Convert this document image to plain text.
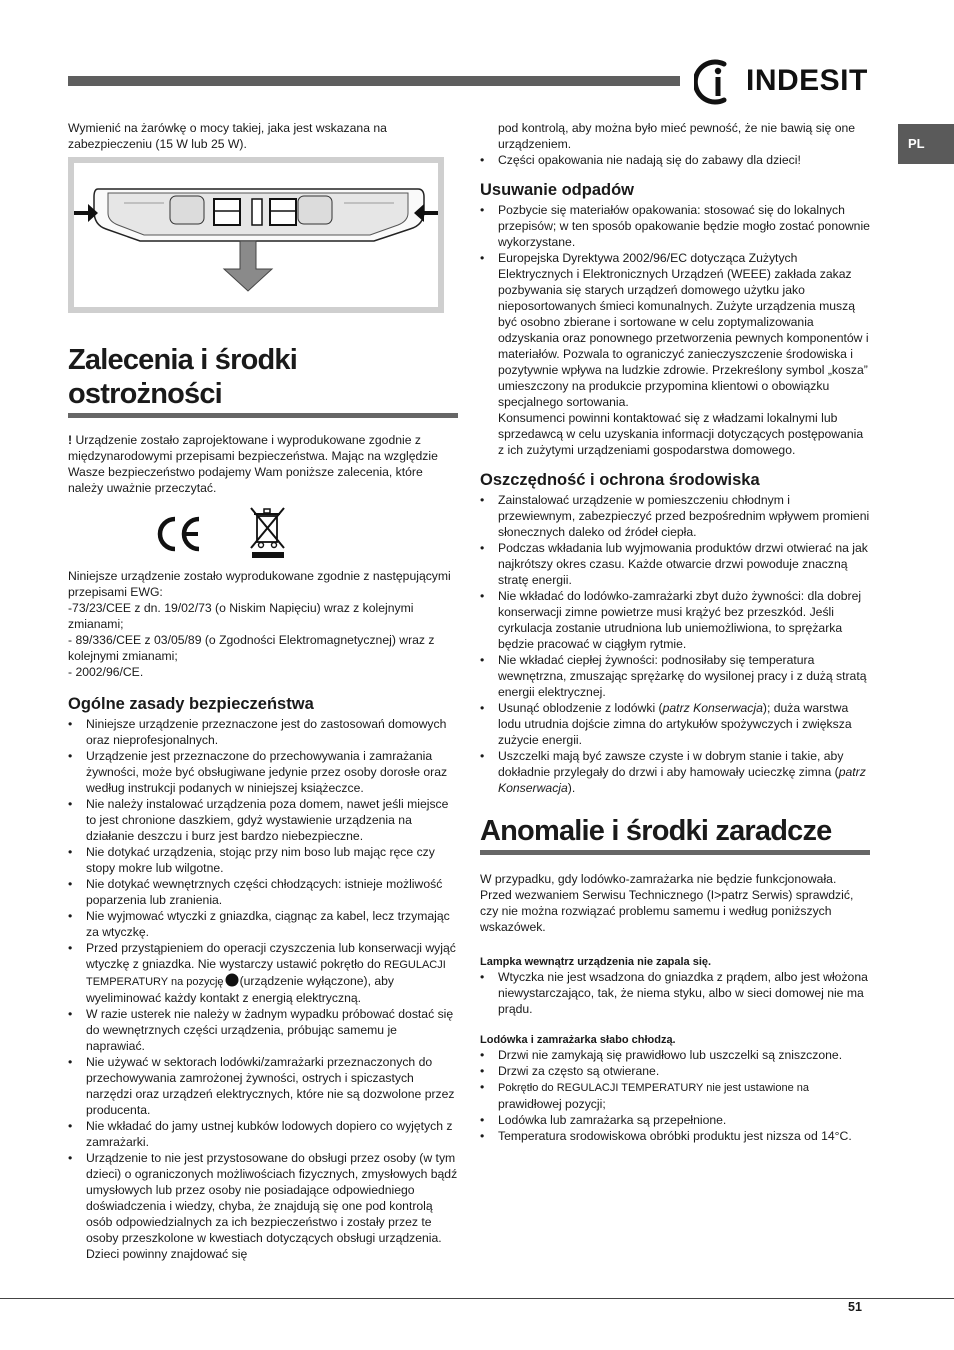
INDESIT
PL

Wymienić na żarówkę o mocy takiej, jaka jest wskazana na zabezpieczeniu (15 W lub 25 W).

Zalecenia i środki ostrożności

! Urządzenie zostało zaprojektowane i wyprodukowane zgodnie z międzynarodowymi przepisami bezpieczeństwa. Mając na względzie Wasze bezpieczeństwo podajemy Wam poniższe zalecenia, które należy uważnie przeczytać.

Niniejsze urządzenie zostało wyprodukowane zgodnie z następującymi przepisami EWG:

-73/23/CEE z dn. 19/02/73 (o Niskim Napięciu) wraz z kolejnymi zmianami;

- 89/336/CEE z 03/05/89 (o Zgodności Elektromagnetycznej) wraz z kolejnymi zmianami;

- 2002/96/CE.

Ogólne zasady bezpieczeństwa
• Niniejsze urządzenie przeznaczone jest do zastosowań domowych oraz nieprofesjonalnych.
• Urządzenie jest przeznaczone do przechowywania i zamrażania żywności, może być obsługiwane jedynie przez osoby dorosłe oraz według instrukcji podanych w niniejszej książeczce.
• Nie należy instalować urządzenia poza domem, nawet jeśli miejsce to jest chronione daszkiem, gdyż wystawienie urządzenia na działanie deszczu i burz jest bardzo niebezpieczne.
• Nie dotykać urządzenia, stojąc przy nim boso lub mając ręce czy stopy mokre lub wilgotne.
• Nie dotykać wewnętrznych części chłodzących: istnieje możliwość poparzenia lub zranienia.
• Nie wyjmować wtyczki z gniazdka, ciągnąc za kabel, lecz trzymając za wtyczkę.
• Przed przystąpieniem do operacji czyszczenia lub konserwacji wyjąć wtyczkę z gniazdka. Nie wystarczy ustawić pokrętło do REGULACJI TEMPERATURY na pozycję (urządzenie wyłączone), aby wyeliminować każdy kontakt z energią elektryczną.
• W razie usterek nie należy w żadnym wypadku próbować dostać się do wewnętrznych części urządzenia, próbując samemu je naprawiać.
• Nie używać w sektorach lodówki/zamrażarki przeznaczonych do przechowywania zamrożonej żywności, ostrych i spiczastych narzędzi oraz urządzeń elektrycznych, które nie są dozwolone przez producenta.
• Nie wkładać do jamy ustnej kubków lodowych dopiero co wyjętych z zamrażarki.
• Urządzenie to nie jest przystosowane do obsługi przez osoby (w tym dzieci) o ograniczonych możliwościach fizycznych, zmysłowych bądź umysłowych lub przez osoby nie posiadające odpowiedniego doświadczenia i wiedzy, chyba, że znajdują się one pod kontrolą osób odpowiedzialnych za ich bezpieczeństwo i zostały przez te osoby przeszkolone w kwestiach dotyczących obsługi urządzenia. Dzieci powinny znajdować się

pod kontrolą, aby można było mieć pewność, że nie bawią się one urządzeniem.

• Części opakowania nie nadają się do zabawy dla dzieci!
Usuwanie odpadów
• Pozbycie się materiałów opakowania: stosować się do lokalnych przepisów; w ten sposób opakowanie będzie mogło zostać ponownie wykorzystane.
• Europejska Dyrektywa 2002/96/EC dotycząca Zużytych Elektrycznych i Elektronicznych Urządzeń (WEEE) zakłada zakaz pozbywania się starych urządzeń domowego użytku jako nieposortowanych śmieci komunalnych. Zużyte urządzenia muszą być osobno zbierane i sortowane w celu zoptymalizowania odzyskania oraz ponownego przetworzenia pewnych komponentów i materiałów. Pozwala to ograniczyć zanieczyszczenie środowiska i pozytywnie wpływa na ludzkie zdrowie. Przekreślony symbol „kosza” umieszczony na produkcie przypomina klientowi o obowiązku specjalnego sortowania.

Konsumenci powinni kontaktować się z władzami lokalnymi lub sprzedawcą w celu uzyskania informacji dotyczących postępowania z ich zużytymi urządzeniami gospodarstwa domowego.

Oszczędność i ochrona środowiska
• Zainstalować urządzenie w pomieszczeniu chłodnym i przewiewnym, zabezpieczyć przed bezpośrednim wpływem promieni słonecznych daleko od źródeł ciepła.
• Podczas wkładania lub wyjmowania produktów drzwi otwierać na jak najkrótszy okres czasu. Każde otwarcie drzwi powoduje znaczną stratę energii.
• Nie wkładać do lodówko-zamrażarki zbyt dużo żywności: dla dobrej konserwacji zimne powietrze musi krążyć bez przeszkód. Jeśli cyrkulacja zostanie utrudniona lub uniemożliwiona, to sprężarka będzie pracować w ciągłym rytmie.
• Nie wkładać ciepłej żywności: podnosiłaby się temperatura wewnętrzna, zmuszając sprężarkę do wysilonej pracy i z dużą stratą energii elektrycznej.
• Usunąć oblodzenie z lodówki (patrz Konserwacja); duża warstwa lodu utrudnia dojście zimna do artykułów spożywczych i zwiększa zużycie energii.
• Uszczelki mają być zawsze czyste i w dobrym stanie i takie, aby dokładnie przylegały do drzwi i aby hamowały ucieczkę zimna (patrz Konserwacja).
Anomalie i środki zaradcze

W przypadku, gdy lodówko-zamrażarka nie będzie funkcjonowała. Przed wezwaniem Serwisu Technicznego (I>patrz Serwis) sprawdzić, czy nie można rozwiązać problemu samemu i według poniższych wskazówek.

Lampka wewnątrz urządzenia nie zapala się.

• Wtyczka nie jest wsadzona do gniazdka z prądem, albo jest włożona niewystarczająco, tak, że niema styku, albo w sieci domowej nie ma prądu.

Lodówka i zamrażarka słabo chłodzą.

• Drzwi nie zamykają się prawidłowo lub uszczelki są zniszczone.
• Drzwi za często są otwierane.
• Pokrętło do REGULACJI TEMPERATURY nie jest ustawione na
prawidłowej pozycji;
• Lodówka lub zamrażarka są przepełnione.
• Temperatura srodowiskowa obróbki produktu jest nizsza od 14°C.
51
